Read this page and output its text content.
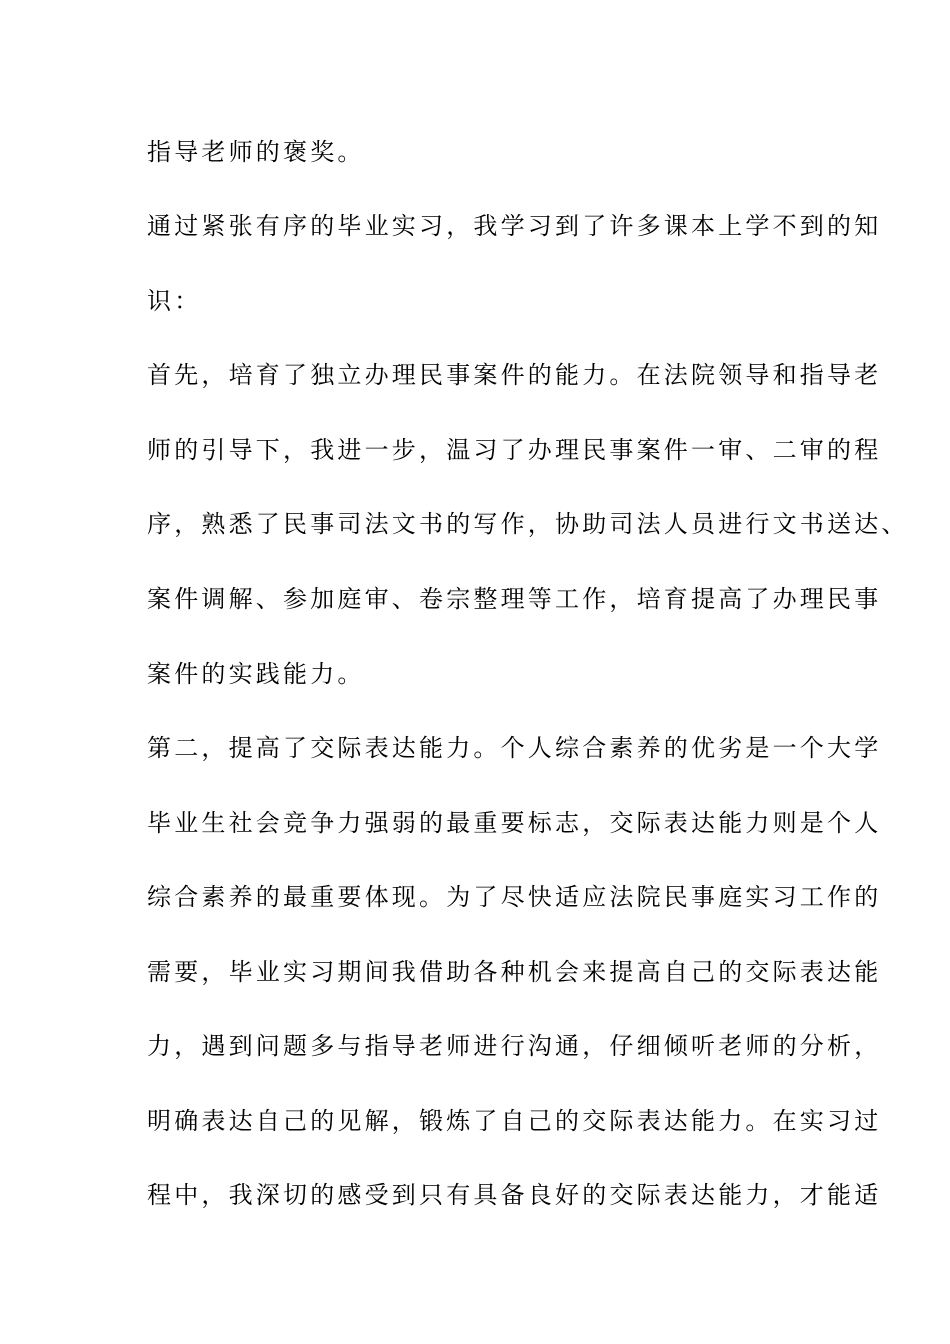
指导老师的褒奖。
通过紧张有序的毕业实习，我学习到了许多课本上学不到的知
识：
首先，培育了独立办理民事案件的能力。在法院领导和指导老
师的引导下，我进一步，温习了办理民事案件一审、二审的程
序，熟悉了民事司法文书的写作，协助司法人员进行文书送达、
案件调解、参加庭审、卷宗整理等工作，培育提高了办理民事
案件的实践能力。
第二，提高了交际表达能力。个人综合素养的优劣是一个大学
毕业生社会竞争力强弱的最重要标志，交际表达能力则是个人
综合素养的最重要体现。为了尽快适应法院民事庭实习工作的
需要，毕业实习期间我借助各种机会来提高自己的交际表达能
力，遇到问题多与指导老师进行沟通，仔细倾听老师的分析，
明确表达自己的见解，锻炼了自己的交际表达能力。在实习过
程中，我深切的感受到只有具备良好的交际表达能力，才能适
